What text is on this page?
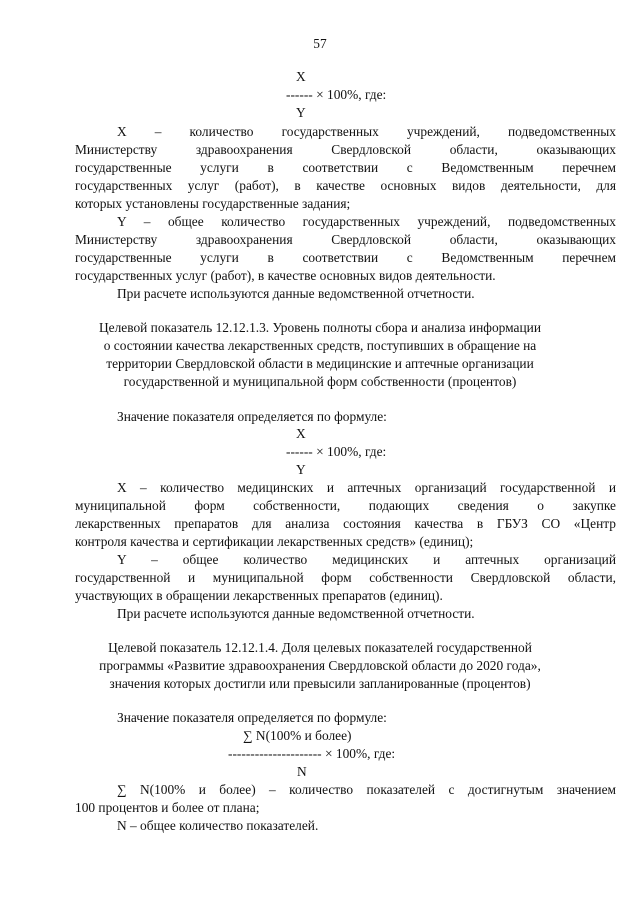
57
X
------ × 100%, где:
Y
X – количество государственных учреждений, подведомственных
Министерству здравоохранения Свердловской области, оказывающих
государственные услуги в соответствии с Ведомственным перечнем
государственных услуг (работ), в качестве основных видов деятельности, для
которых установлены государственные задания;
Y – общее количество государственных учреждений, подведомственных
Министерству здравоохранения Свердловской области, оказывающих
государственные услуги в соответствии с Ведомственным перечнем
государственных услуг (работ), в качестве основных видов деятельности.
При расчете используются данные ведомственной отчетности.
Целевой показатель 12.12.1.3. Уровень полноты сбора и анализа информации
о состоянии качества лекарственных средств, поступивших в обращение на
территории Свердловской области в медицинские и аптечные организации
государственной и муниципальной форм собственности (процентов)
Значение показателя определяется по формуле:
X
------ × 100%, где:
Y
X – количество медицинских и аптечных организаций государственной и
муниципальной форм собственности, подающих сведения о закупке
лекарственных препаратов для анализа состояния качества в ГБУЗ СО «Центр
контроля качества и сертификации лекарственных средств» (единиц);
Y – общее количество медицинских и аптечных организаций
государственной и муниципальной форм собственности Свердловской области,
участвующих в обращении лекарственных препаратов (единиц).
При расчете используются данные ведомственной отчетности.
Целевой показатель 12.12.1.4. Доля целевых показателей государственной
программы «Развитие здравоохранения Свердловской области до 2020 года»,
значения которых достигли или превысили запланированные (процентов)
Значение показателя определяется по формуле:
∑ N(100% и более)
--------------------- × 100%, где:
N
∑ N(100% и более) – количество показателей с достигнутым значением
100 процентов и более от плана;
N – общее количество показателей.
